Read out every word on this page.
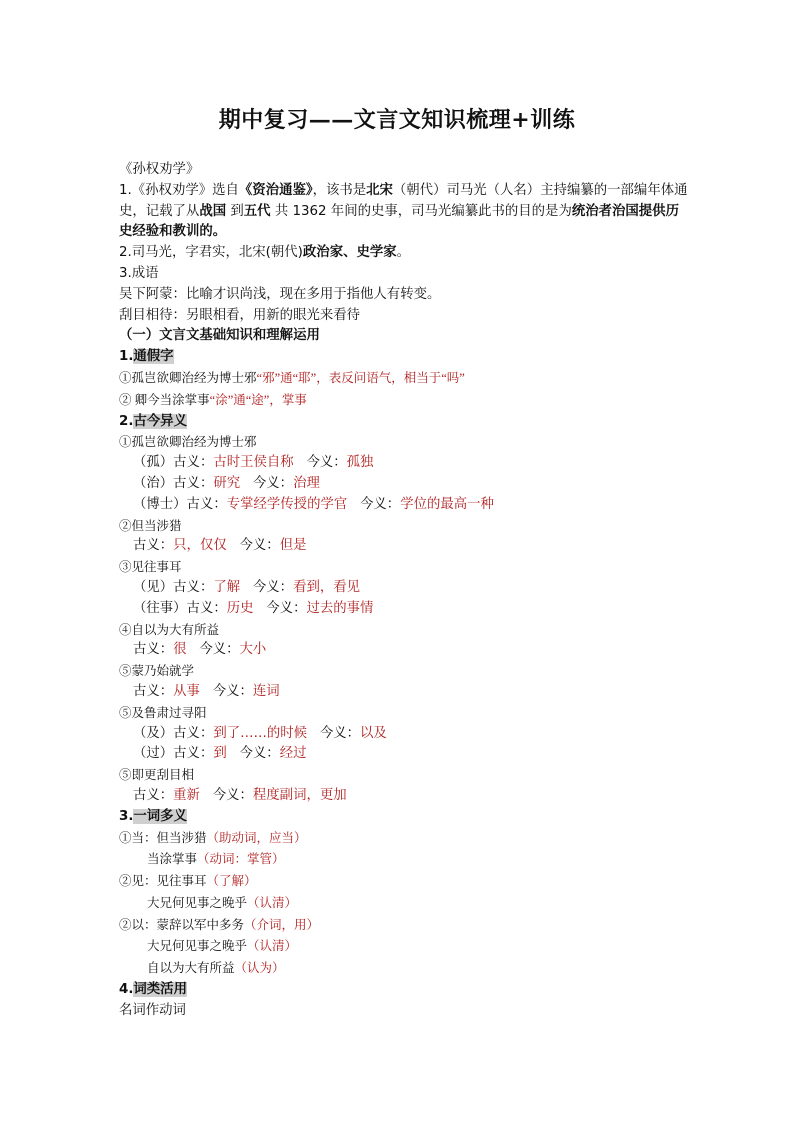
期中复习——文言文知识梳理+训练
《孙权劝学》
1.《孙权劝学》选自《资治通鉴》，该书是北宋（朝代）司马光（人名）主持编纂的一部编年体通史，记载了从战国 到五代 共 1362 年间的史事，司马光编纂此书的目的是为统治者治国提供历史经验和教训的。
2.司马光，字君实，北宋(朝代)政治家、史学家。
3.成语
吴下阿蒙：比喻才识尚浅，现在多用于指他人有转变。
刮目相待：另眼相看，用新的眼光来看待
（一）文言文基础知识和理解运用
1.通假字
①孤岂欲卿治经为博士邪“邪”通“耶”，表反问语气，相当于“吗”
② 卿今当涂掌事“涂”通“途”，掌事
2.古今异义
①孤岂欲卿治经为博士邪
（孤）古义：古时王侯自称   今义：孤独
（治）古义：研究   今义：治理
（博士）古义：专掌经学传授的学官   今义：学位的最高一种
②但当涉猎
古义：只，仅仅   今义：但是
③见往事耳
（见）古义：了解   今义：看到，看见
（往事）古义：历史   今义：过去的事情
④自以为大有所益
古义：很   今义：大小
⑤蒙乃始就学
古义：从事   今义：连词
⑤及鲁肃过寻阳
（及）古义：到了……的时候   今义：以及
（过）古义：到   今义：经过
⑤即更刮目相
古义：重新   今义：程度副词，更加
3.一词多义
①当：但当涉猎（助动词，应当）
当涂掌事（动词：掌管）
②见：见往事耳（了解）
大兄何见事之晚乎（认清）
②以：蒙辞以军中多务（介词，用）
大兄何见事之晚乎（认清）
自以为大有所益（认为）
4.词类活用
名词作动词
